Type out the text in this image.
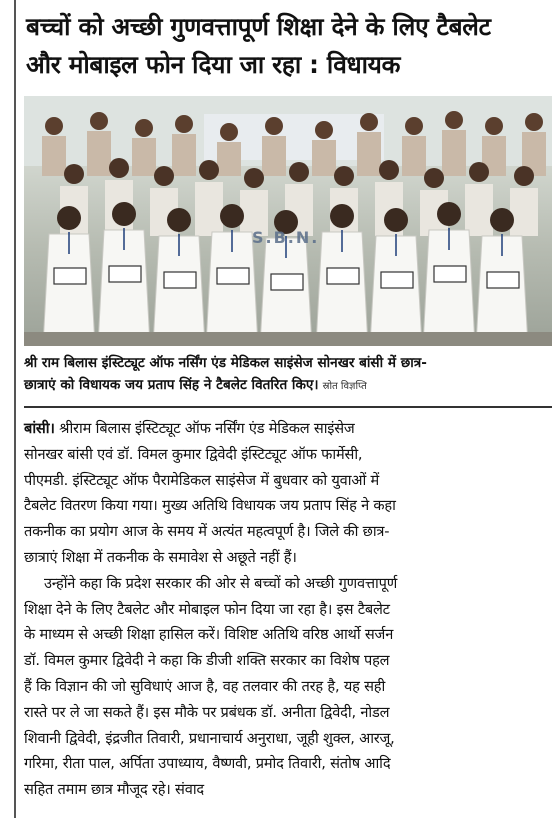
बच्चों को अच्छी गुणवत्तापूर्ण शिक्षा देने के लिए टैबलेट
और मोबाइल फोन दिया जा रहा : विधायक
S.B.N.
श्री राम बिलास इंस्टिट्यूट ऑफ नर्सिंग एंड मेडिकल साइंसेज सोनखर बांसी में छात्र-
छात्राएं को विधायक जय प्रताप सिंह ने टैबलेट वितरित किए। स्रोत विज्ञप्ति
बांसी। श्रीराम बिलास इंस्टिट्यूट ऑफ नर्सिंग एंड मेडिकल साइंसेज
सोनखर बांसी एवं डॉ. विमल कुमार द्विवेदी इंस्टिट्यूट ऑफ फार्मेसी,
पीएमडी. इंस्टिट्यूट ऑफ पैरामेडिकल साइंसेज में बुधवार को युवाओं में
टैबलेट वितरण किया गया। मुख्य अतिथि विधायक जय प्रताप सिंह ने कहा
तकनीक का प्रयोग आज के समय में अत्यंत महत्वपूर्ण है। जिले की छात्र-
छात्राएं शिक्षा में तकनीक के समावेश से अछूते नहीं हैं।
उन्होंने कहा कि प्रदेश सरकार की ओर से बच्चों को अच्छी गुणवत्तापूर्ण
शिक्षा देने के लिए टैबलेट और मोबाइल फोन दिया जा रहा है। इस टैबलेट
के माध्यम से अच्छी शिक्षा हासिल करें। विशिष्ट अतिथि वरिष्ठ आर्थो सर्जन
डॉ. विमल कुमार द्विवेदी ने कहा कि डीजी शक्ति सरकार का विशेष पहल
हैं कि विज्ञान की जो सुविधाएं आज है, वह तलवार की तरह है, यह सही
रास्ते पर ले जा सकते हैं। इस मौके पर प्रबंधक डॉ. अनीता द्विवेदी, नोडल
शिवानी द्विवेदी, इंद्रजीत तिवारी, प्रधानाचार्य अनुराधा, जूही शुक्ल, आरजू,
गरिमा, रीता पाल, अर्पिता उपाध्याय, वैष्णवी, प्रमोद तिवारी, संतोष आदि
सहित तमाम छात्र मौजूद रहे। संवाद
